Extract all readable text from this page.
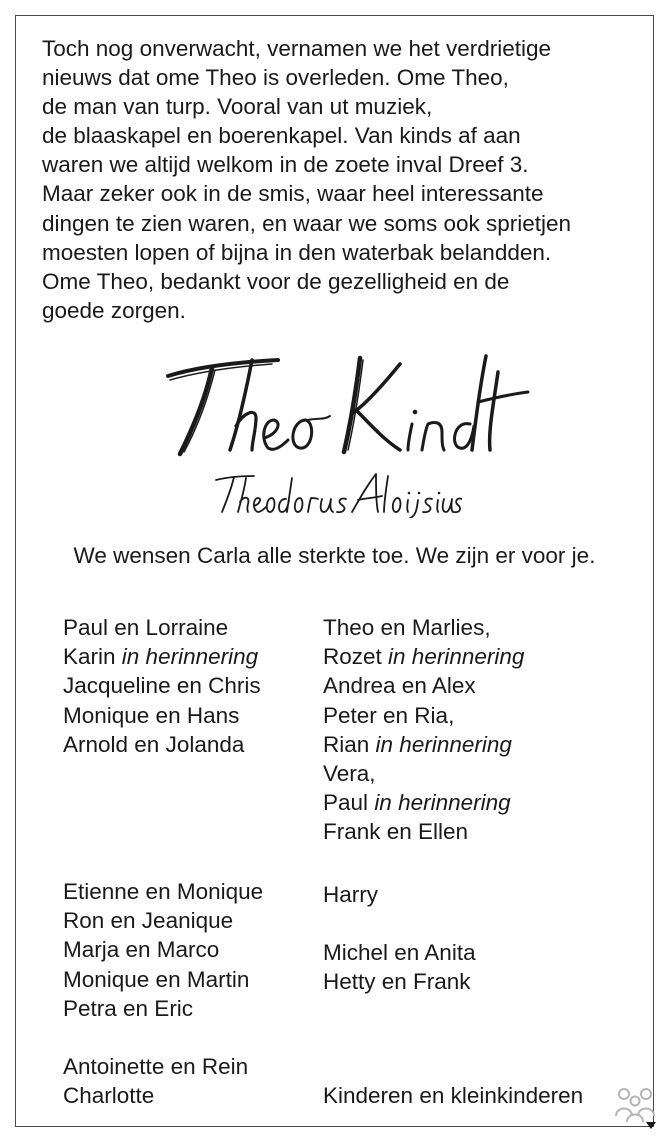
Toch nog onverwacht, vernamen we het verdrietige
nieuws dat ome Theo is overleden. Ome Theo,
de man van turp. Vooral van ut muziek,
de blaaskapel en boerenkapel. Van kinds af aan
waren we altijd welkom in de zoete inval Dreef 3.
Maar zeker ook in de smis, waar heel interessante
dingen te zien waren, en waar we soms ook sprietjen
moesten lopen of bijna in den waterbak belandden.
Ome Theo, bedankt voor de gezelligheid en de
goede zorgen.

We wensen Carla alle sterkte toe. We zijn er voor je.

Paul en Lorraine
Karin in herinnering
Jacqueline en Chris
Monique en Hans
Arnold en Jolanda
Etienne en Monique
Ron en Jeanique
Marja en Marco
Monique en Martin
Petra en Eric
Antoinette en Rein
Charlotte
Theo en Marlies,
Rozet in herinnering
Andrea en Alex
Peter en Ria,
Rian in herinnering
Vera,
Paul in herinnering
Frank en Ellen
Harry
Michel en Anita
Hetty en Frank
Kinderen en kleinkinderen
